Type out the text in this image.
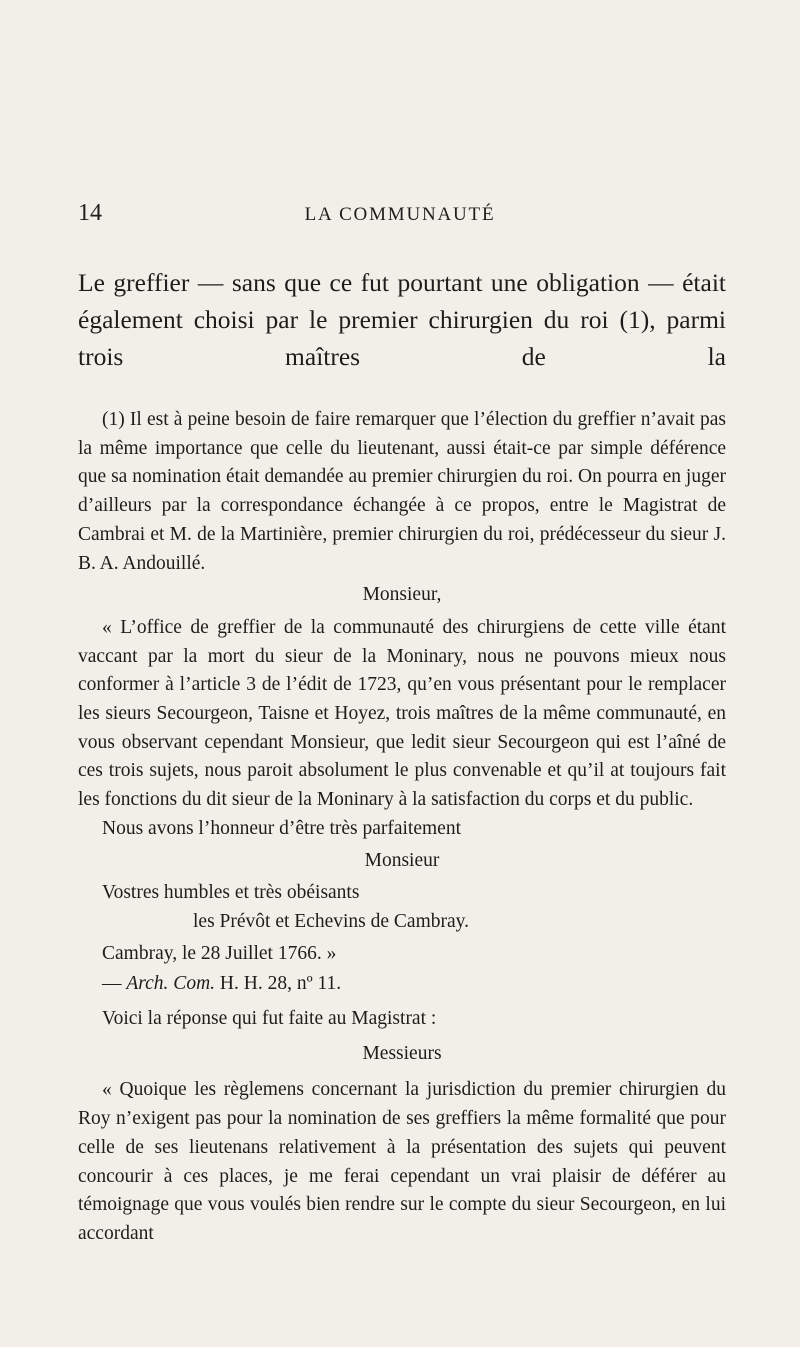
14	LA COMMUNAUTÉ

Le greffier — sans que ce fut pourtant une obligation — était également choisi par le premier chirurgien du roi (1), parmi trois maîtres de la

(1) Il est à peine besoin de faire remarquer que l’élection du greffier n’avait pas la même importance que celle du lieutenant, aussi était-ce par simple déférence que sa nomination était demandée au premier chirurgien du roi. On pourra en juger d’ailleurs par la correspondance échangée à ce propos, entre le Magistrat de Cambrai et M. de la Martinière, premier chirurgien du roi, prédécesseur du sieur J. B. A. Andouillé.

Monsieur,

« L’office de greffier de la communauté des chirurgiens de cette ville étant vaccant par la mort du sieur de la Moninary, nous ne pouvons mieux nous conformer à l’article 3 de l’édit de 1723, qu’en vous présentant pour le remplacer les sieurs Secourgeon, Taisne et Hoyez, trois maîtres de la même communauté, en vous observant cependant Monsieur, que ledit sieur Secourgeon qui est l’aîné de ces trois sujets, nous paroit absolument le plus convenable et qu’il at toujours fait les fonctions du dit sieur de la Moninary à la satisfaction du corps et du public.

Nous avons l’honneur d’être très parfaitement

Monsieur

Vostres humbles et très obéisants

les Prévôt et Echevins de Cambray.

Cambray, le 28 Juillet 1766. »

— Arch. Com. H. H. 28, nº 11.

Voici la réponse qui fut faite au Magistrat :

Messieurs

« Quoique les règlemens concernant la jurisdiction du premier chirurgien du Roy n’exigent pas pour la nomination de ses greffiers la même formalité que pour celle de ses lieutenans relativement à la présentation des sujets qui peuvent concourir à ces places, je me ferai cependant un vrai plaisir de déférer au témoignage que vous voulés bien rendre sur le compte du sieur Secourgeon, en lui accordant
